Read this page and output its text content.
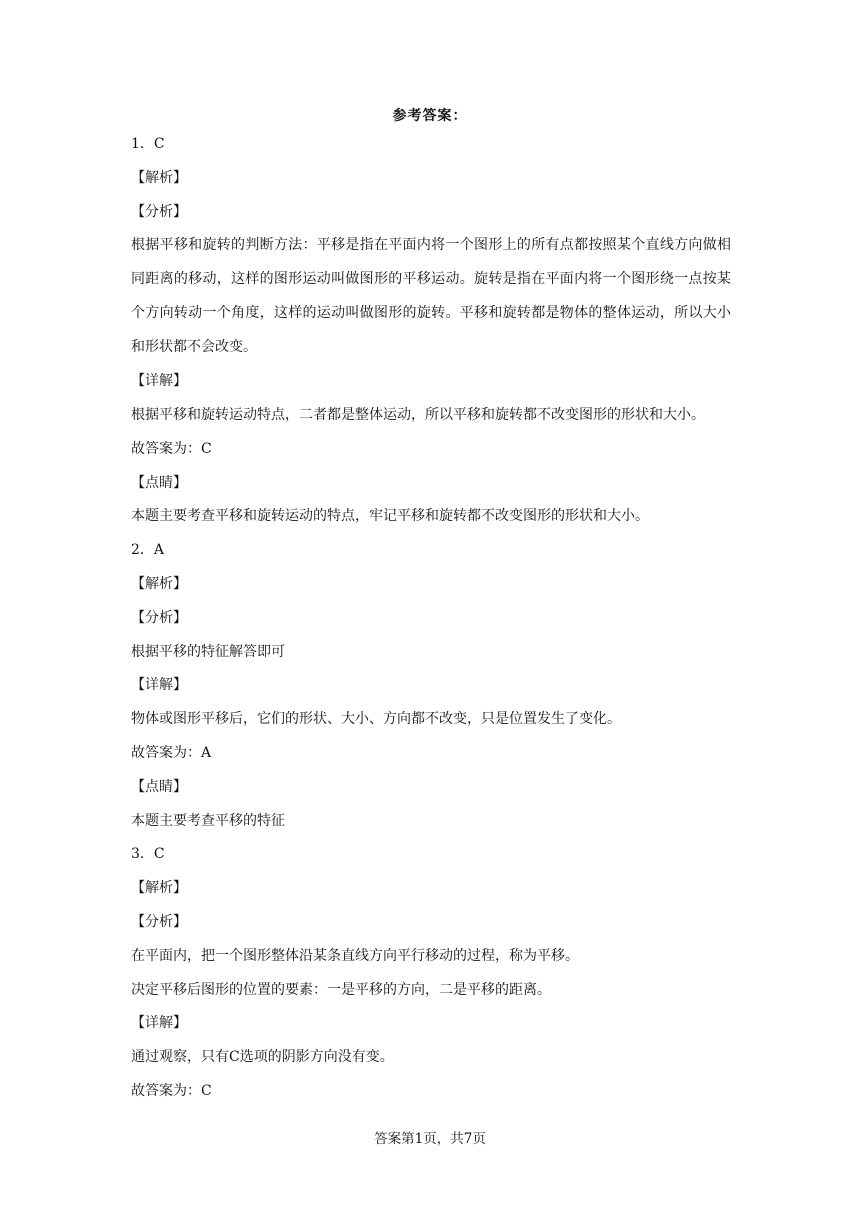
参考答案：
1．C
【解析】
【分析】
根据平移和旋转的判断方法：平移是指在平面内将一个图形上的所有点都按照某个直线方向做相同距离的移动，这样的图形运动叫做图形的平移运动。旋转是指在平面内将一个图形绕一点按某个方向转动一个角度，这样的运动叫做图形的旋转。平移和旋转都是物体的整体运动，所以大小和形状都不会改变。
【详解】
根据平移和旋转运动特点，二者都是整体运动，所以平移和旋转都不改变图形的形状和大小。
故答案为：C
【点睛】
本题主要考查平移和旋转运动的特点，牢记平移和旋转都不改变图形的形状和大小。
2．A
【解析】
【分析】
根据平移的特征解答即可
【详解】
物体或图形平移后，它们的形状、大小、方向都不改变，只是位置发生了变化。
故答案为：A
【点睛】
本题主要考查平移的特征
3．C
【解析】
【分析】
在平面内，把一个图形整体沿某条直线方向平行移动的过程，称为平移。
决定平移后图形的位置的要素：一是平移的方向，二是平移的距离。
【详解】
通过观察，只有C选项的阴影方向没有变。
故答案为：C
答案第1页，共7页
